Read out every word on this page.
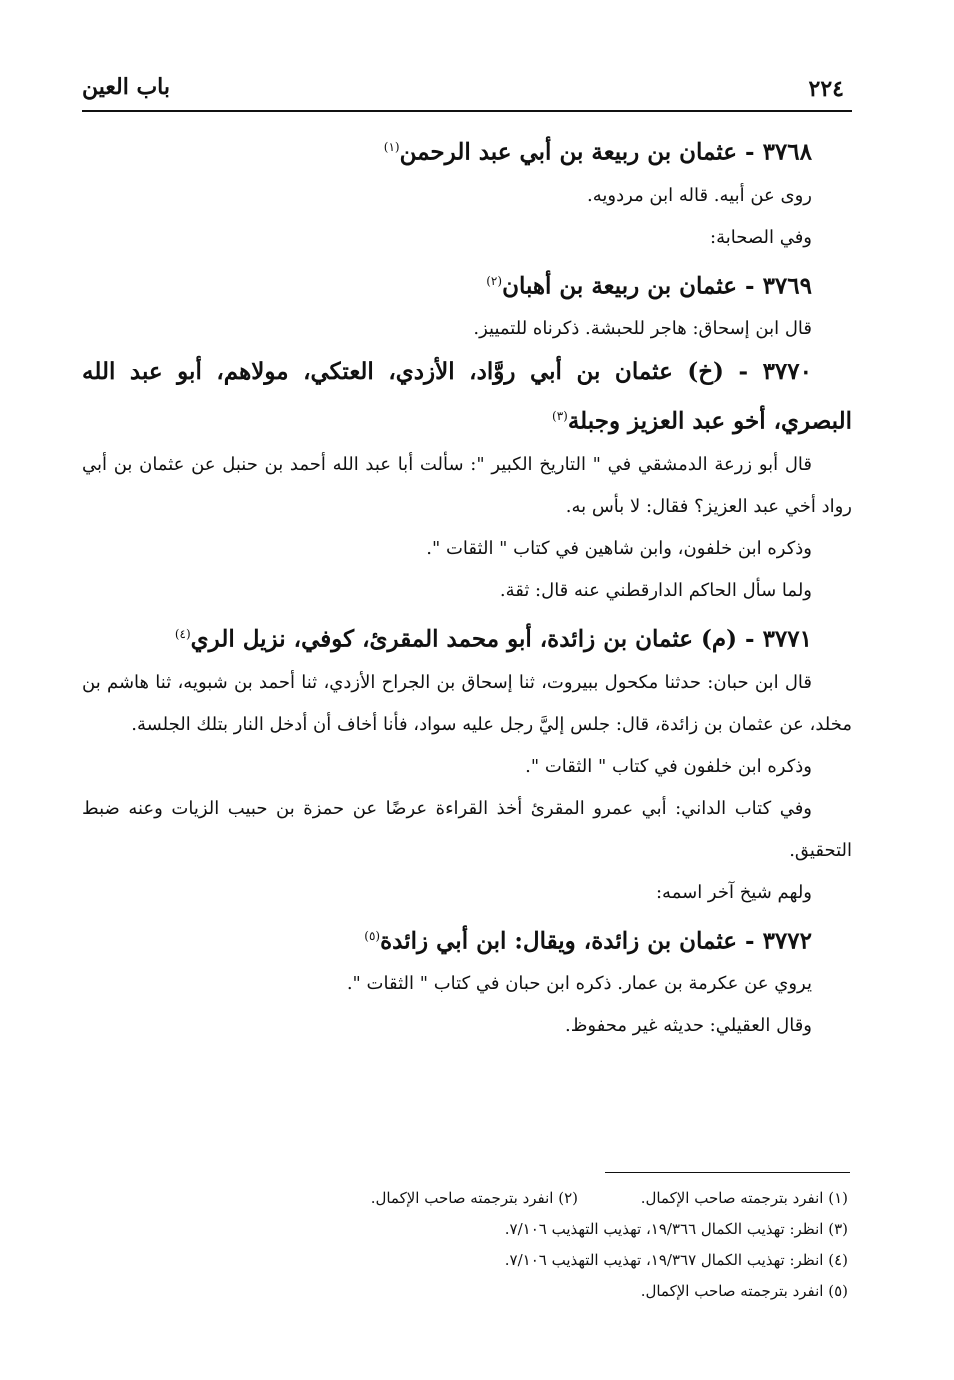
٢٢٤
باب العين

٣٧٦٨ - عثمان بن ربيعة بن أبي عبد الرحمن$^{(١)}$

روى عن أبيه. قاله ابن مردويه.

وفي الصحابة:

٣٧٦٩ - عثمان بن ربيعة بن أهبان$^{(٢)}$

قال ابن إسحاق: هاجر للحبشة. ذكرناه للتمييز.

٣٧٧٠ - (خ) عثمان بن أبي روَّاد، الأزدي، العتكي، مولاهم، أبو عبد الله البصري، أخو عبد العزيز وجبلة$^{(٣)}$

قال أبو زرعة الدمشقي في " التاريخ الكبير ": سألت أبا عبد الله أحمد بن حنبل عن عثمان بن أبي رواد أخي عبد العزيز؟ فقال: لا بأس به.

وذكره ابن خلفون، وابن شاهين في كتاب " الثقات ".

ولما سأل الحاكم الدارقطني عنه قال: ثقة.

٣٧٧١ - (م) عثمان بن زائدة، أبو محمد المقرئ، كوفي، نزيل الري$^{(٤)}$

قال ابن حبان: حدثنا مكحول ببيروت، ثنا إسحاق بن الجراح الأزدي، ثنا أحمد بن شبويه، ثنا هاشم بن مخلد، عن عثمان بن زائدة، قال: جلس إليَّ رجل عليه سواد، فأنا أخاف أن أدخل النار بتلك الجلسة.

وذكره ابن خلفون في كتاب " الثقات ".

وفي كتاب الداني: أبي عمرو المقرئ أخذ القراءة عرضًا عن حمزة بن حبيب الزيات وعنه ضبط التحقيق.

ولهم شيخ آخر اسمه:

٣٧٧٢ - عثمان بن زائدة، ويقال: ابن أبي زائدة$^{(٥)}$

يروي عن عكرمة بن عمار. ذكره ابن حبان في كتاب " الثقات ".

وقال العقيلي: حديثه غير محفوظ.

(١) انفرد بترجمته صاحب الإكمال.
(٢) انفرد بترجمته صاحب الإكمال.
(٣) انظر: تهذيب الكمال ١٩/٣٦٦، تهذيب التهذيب ٧/١٠٦.
(٤) انظر: تهذيب الكمال ١٩/٣٦٧، تهذيب التهذيب ٧/١٠٦.
(٥) انفرد بترجمته صاحب الإكمال.
